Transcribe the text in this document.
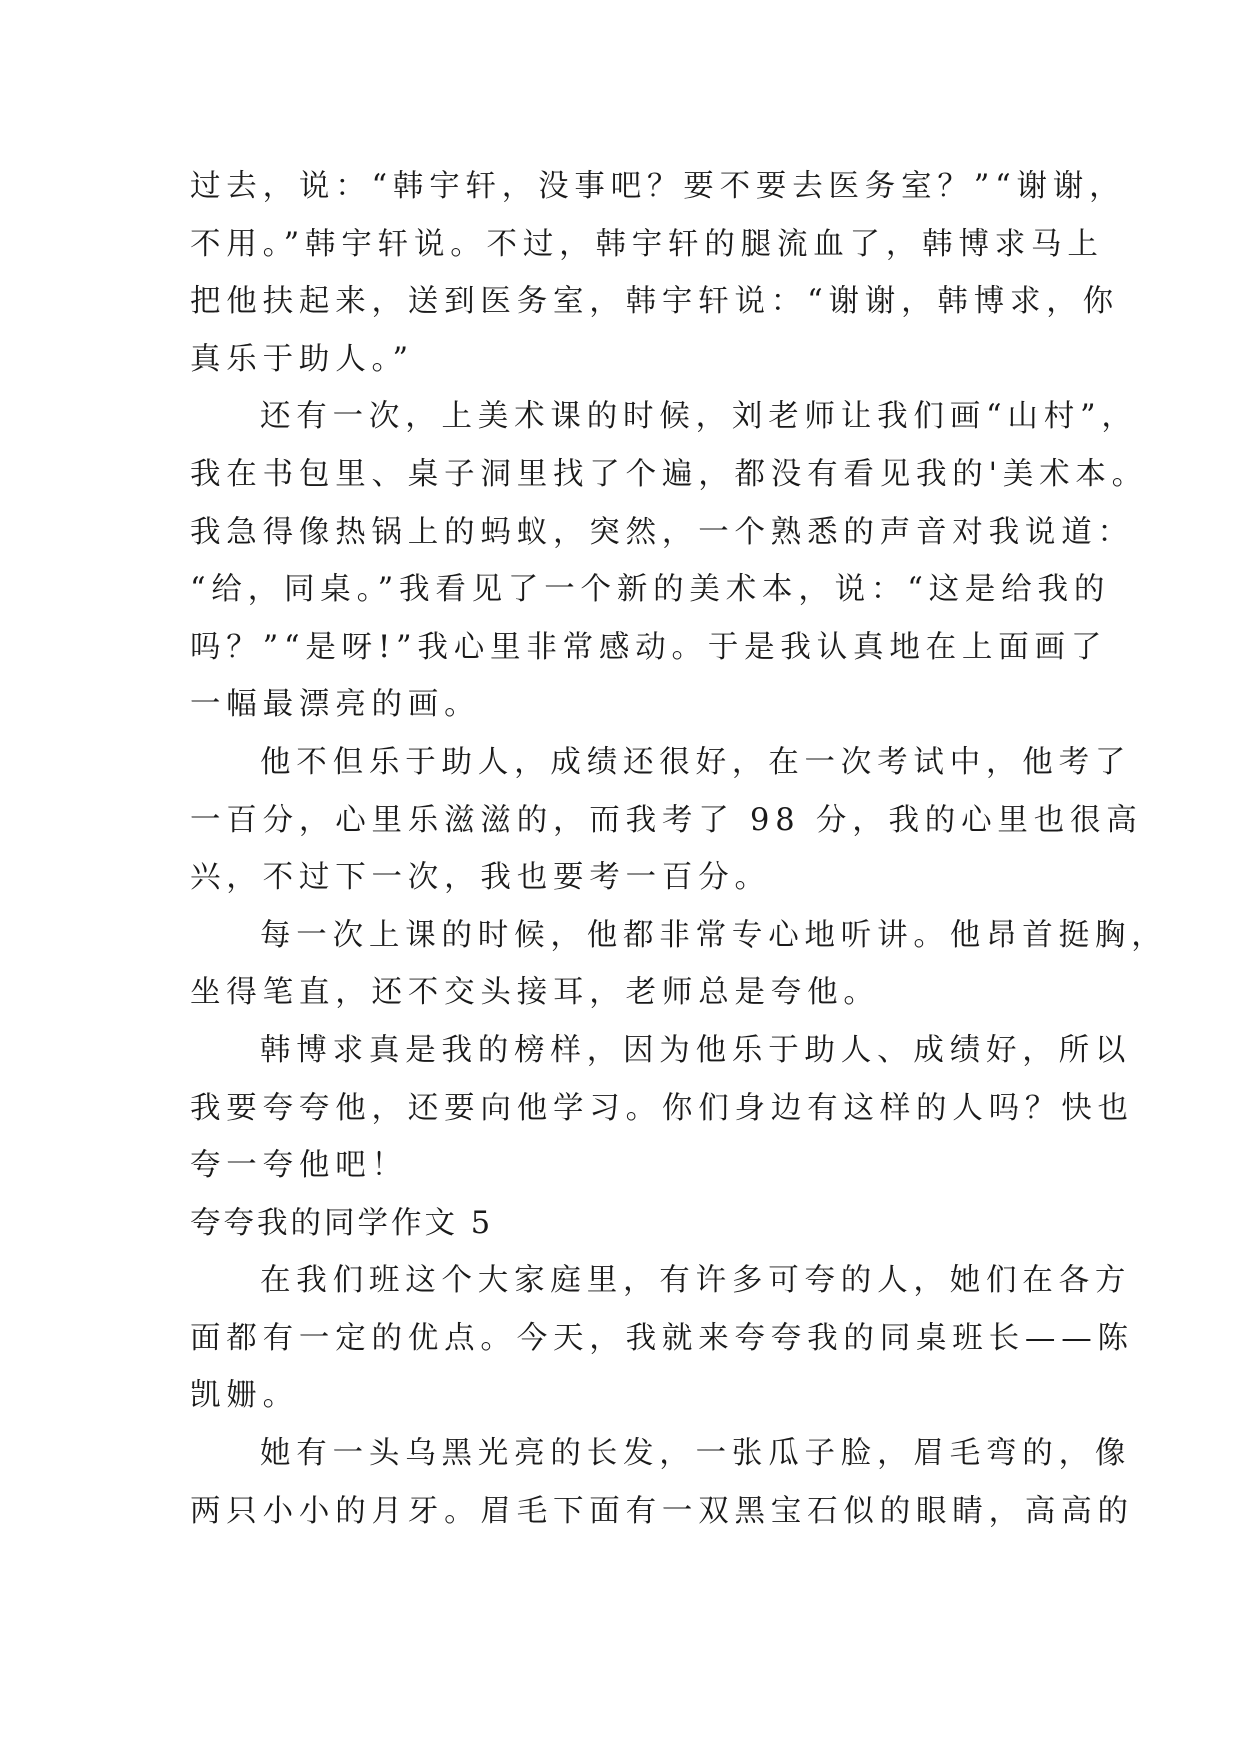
过去，说：“韩宇轩，没事吧？要不要去医务室？”“谢谢，
不用。”韩宇轩说。不过，韩宇轩的腿流血了，韩博求马上
把他扶起来，送到医务室，韩宇轩说：“谢谢，韩博求，你
真乐于助人。”
还有一次，上美术课的时候，刘老师让我们画“山村”，
我在书包里、桌子洞里找了个遍，都没有看见我的'美术本。
我急得像热锅上的蚂蚁，突然，一个熟悉的声音对我说道：
“给，同桌。”我看见了一个新的美术本，说：“这是给我的
吗？”“是呀!”我心里非常感动。于是我认真地在上面画了
一幅最漂亮的画。
他不但乐于助人，成绩还很好，在一次考试中，他考了
一百分，心里乐滋滋的，而我考了 98 分，我的心里也很高
兴，不过下一次，我也要考一百分。
每一次上课的时候，他都非常专心地听讲。他昂首挺胸，
坐得笔直，还不交头接耳，老师总是夸他。
韩博求真是我的榜样，因为他乐于助人、成绩好，所以
我要夸夸他，还要向他学习。你们身边有这样的人吗？快也
夸一夸他吧！
夸夸我的同学作文 5
在我们班这个大家庭里，有许多可夸的人，她们在各方
面都有一定的优点。今天，我就来夸夸我的同桌班长——陈
凯姗。
她有一头乌黑光亮的长发，一张瓜子脸，眉毛弯的，像
两只小小的月牙。眉毛下面有一双黑宝石似的眼睛，高高的
